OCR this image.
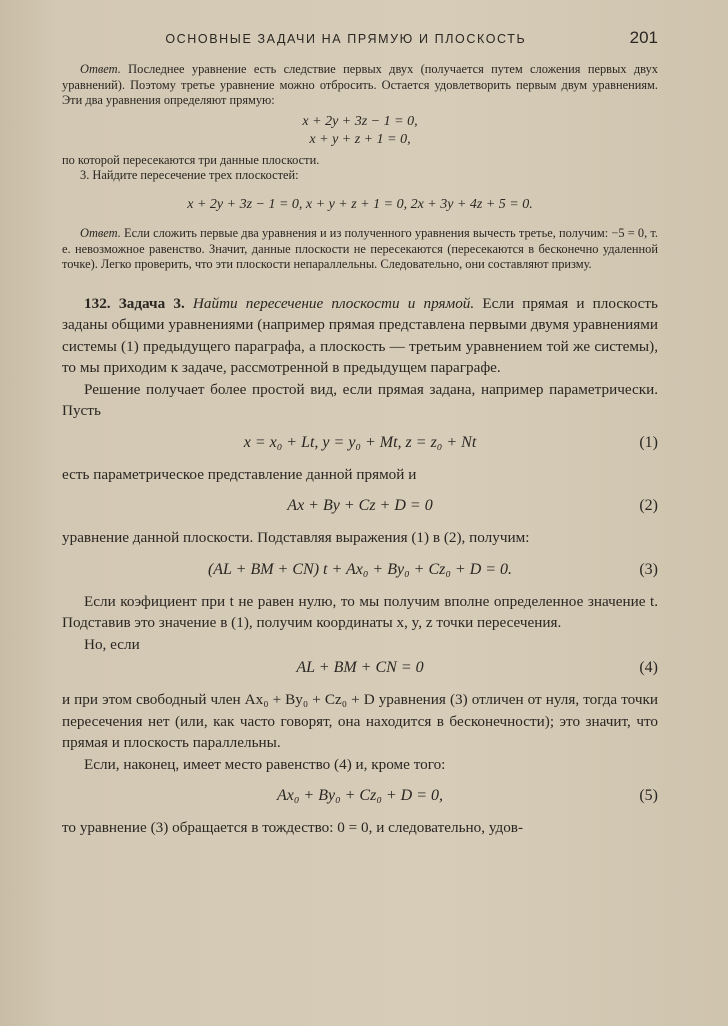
ОСНОВНЫЕ ЗАДАЧИ НА ПРЯМУЮ И ПЛОСКОСТЬ	201

Ответ. Последнее уравнение есть следствие первых двух (получается путем сложения первых двух уравнений). Поэтому третье уравнение можно отбросить. Остается удовлетворить первым двум уравнениям. Эти два уравнения определяют прямую:

x + 2y + 3z − 1 = 0,
x + y + z + 1 = 0,

по которой пересекаются три данные плоскости.

3. Найдите пересечение трех плоскостей:

x + 2y + 3z − 1 = 0, x + y + z + 1 = 0, 2x + 3y + 4z + 5 = 0.

Ответ. Если сложить первые два уравнения и из полученного уравнения вычесть третье, получим: −5 = 0, т. е. невозможное равенство. Значит, данные плоскости не пересекаются (пересекаются в бесконечно удаленной точке). Легко проверить, что эти плоскости непараллельны. Следовательно, они составляют призму.

132. Задача 3. Найти пересечение плоскости и прямой. Если прямая и плоскость заданы общими уравнениями (например прямая представлена первыми двумя уравнениями системы (1) предыдущего параграфа, а плоскость — третьим уравнением той же системы), то мы приходим к задаче, рассмотренной в предыдущем параграфе.

Решение получает более простой вид, если прямая задана, например параметрически. Пусть

x = x₀ + Lt, y = y₀ + Mt, z = z₀ + Nt	(1)

есть параметрическое представление данной прямой и

Ax + By + Cz + D = 0	(2)

уравнение данной плоскости. Подставляя выражения (1) в (2), получим:

(AL + BM + CN) t + Ax₀ + By₀ + Cz₀ + D = 0.	(3)

Если коэфициент при t не равен нулю, то мы получим вполне определенное значение t. Подставив это значение в (1), получим координаты x, y, z точки пересечения.

Но, если

AL + BM + CN = 0	(4)

и при этом свободный член Ax₀ + By₀ + Cz₀ + D уравнения (3) отличен от нуля, тогда точки пересечения нет (или, как часто говорят, она находится в бесконечности); это значит, что прямая и плоскость параллельны.

Если, наконец, имеет место равенство (4) и, кроме того:

Ax₀ + By₀ + Cz₀ + D = 0,	(5)

то уравнение (3) обращается в тождество: 0 = 0, и следовательно, удов-
